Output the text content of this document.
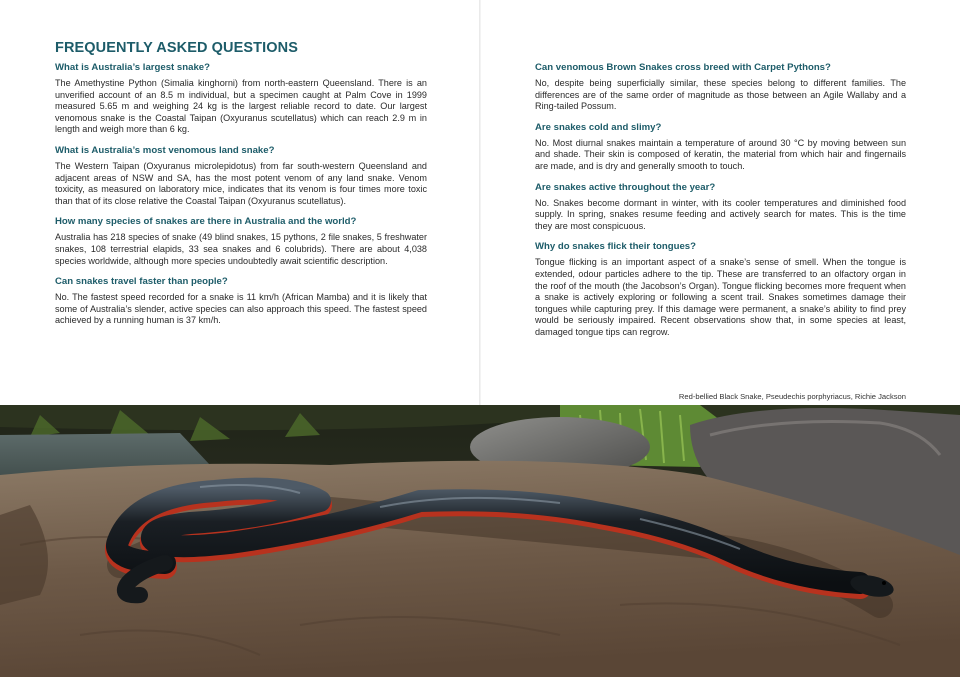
FREQUENTLY ASKED QUESTIONS

What is Australia’s largest snake?

The Amethystine Python (Simalia kinghorni) from north-eastern Queensland. There is an unverified account of an 8.5 m individual, but a specimen caught at Palm Cove in 1999 measured 5.65 m and weighing 24 kg is the largest reliable record to date. Our largest venomous snake is the Coastal Taipan (Oxyuranus scutellatus) which can reach 2.9 m in length and weigh more than 6 kg.

What is Australia’s most venomous land snake?

The Western Taipan (Oxyuranus microlepidotus) from far south-western Queensland and adjacent areas of NSW and SA, has the most potent venom of any land snake. Venom toxicity, as measured on laboratory mice, indicates that its venom is four times more toxic than that of its close relative the Coastal Taipan (Oxyuranus scutellatus).

How many species of snakes are there in Australia and the world?

Australia has 218 species of snake (49 blind snakes, 15 pythons, 2 file snakes, 5 freshwater snakes, 108 terrestrial elapids, 33 sea snakes and 6 colubrids). There are about 4,038 species worldwide, although more species undoubtedly await scientific description.

Can snakes travel faster than people?

No. The fastest speed recorded for a snake is 11 km/h (African Mamba) and it is likely that some of Australia’s slender, active species can also approach this speed. The fastest speed achieved by a running human is 37 km/h.

Can venomous Brown Snakes cross breed with Carpet Pythons?

No, despite being superficially similar, these species belong to different families. The differences are of the same order of magnitude as those between an Agile Wallaby and a Ring-tailed Possum.

Are snakes cold and slimy?

No. Most diurnal snakes maintain a temperature of around 30 °C by moving between sun and shade. Their skin is composed of keratin, the material from which hair and fingernails are made, and is dry and generally smooth to touch.

Are snakes active throughout the year?

No. Snakes become dormant in winter, with its cooler temperatures and diminished food supply. In spring, snakes resume feeding and actively search for mates. This is the time they are most conspicuous.

Why do snakes flick their tongues?

Tongue flicking is an important aspect of a snake’s sense of smell. When the tongue is extended, odour particles adhere to the tip. These are transferred to an olfactory organ in the roof of the mouth (the Jacobson’s Organ). Tongue flicking becomes more frequent when a snake is actively exploring or following a scent trail. Snakes sometimes damage their tongues while capturing prey. If this damage were permanent, a snake’s ability to find prey would be seriously impaired. Recent observations show that, in some species at least, damaged tongue tips can regrow.

Red-bellied Black Snake, Pseudechis porphyriacus, Richie Jackson
